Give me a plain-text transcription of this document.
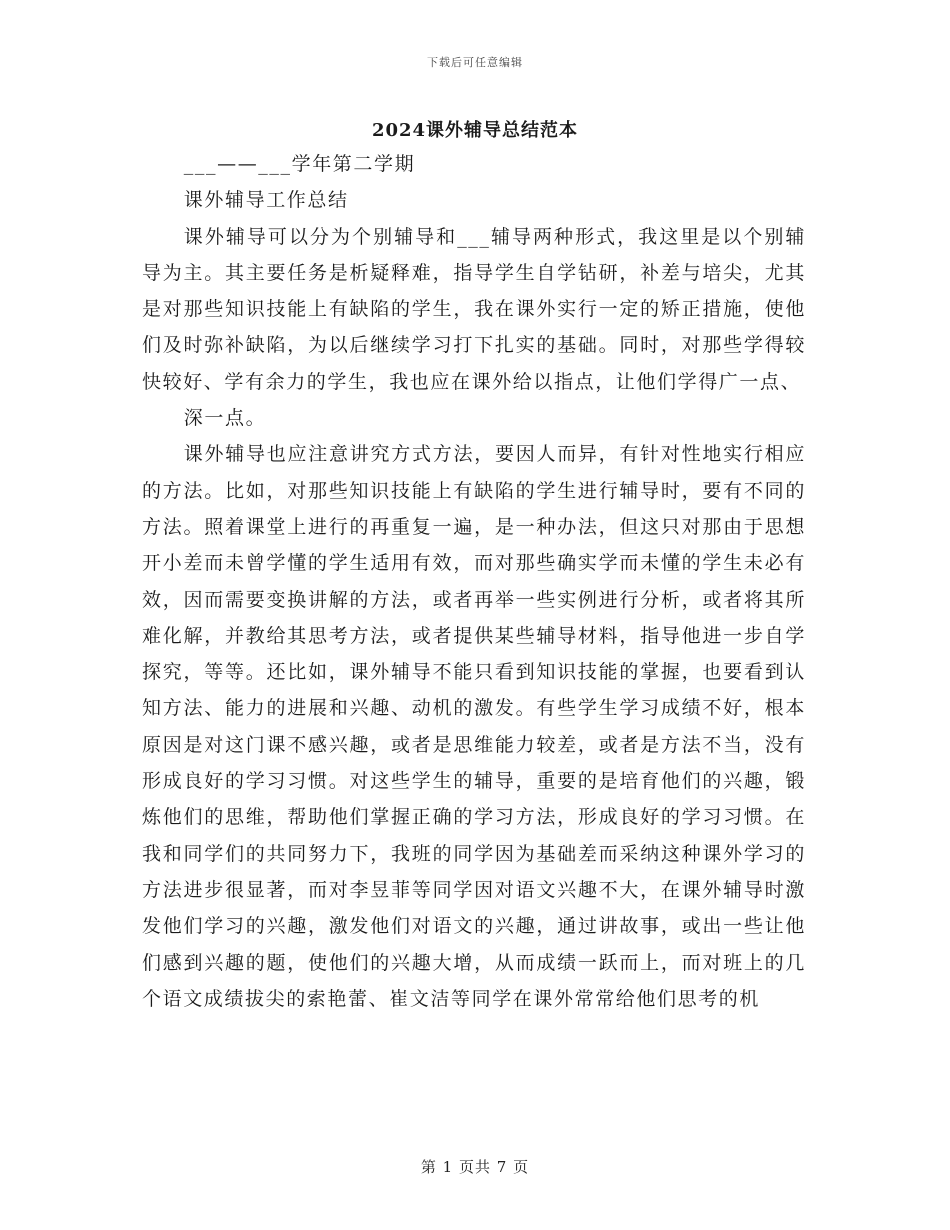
下载后可任意编辑
2024课外辅导总结范本

___——___学年第二学期

课外辅导工作总结

课外辅导可以分为个别辅导和___辅导两种形式，我这里是以个别辅导为主。其主要任务是析疑释难，指导学生自学钻研，补差与培尖，尤其是对那些知识技能上有缺陷的学生，我在课外实行一定的矫正措施，使他们及时弥补缺陷，为以后继续学习打下扎实的基础。同时，对那些学得较快较好、学有余力的学生，我也应在课外给以指点，让他们学得广一点、

深一点。

课外辅导也应注意讲究方式方法，要因人而异，有针对性地实行相应的方法。比如，对那些知识技能上有缺陷的学生进行辅导时，要有不同的方法。照着课堂上进行的再重复一遍，是一种办法，但这只对那由于思想开小差而未曾学懂的学生适用有效，而对那些确实学而未懂的学生未必有效，因而需要变换讲解的方法，或者再举一些实例进行分析，或者将其所难化解，并教给其思考方法，或者提供某些辅导材料，指导他进一步自学探究，等等。还比如，课外辅导不能只看到知识技能的掌握，也要看到认知方法、能力的进展和兴趣、动机的激发。有些学生学习成绩不好，根本原因是对这门课不感兴趣，或者是思维能力较差，或者是方法不当，没有形成良好的学习习惯。对这些学生的辅导，重要的是培育他们的兴趣，锻炼他们的思维，帮助他们掌握正确的学习方法，形成良好的学习习惯。在我和同学们的共同努力下，我班的同学因为基础差而采纳这种课外学习的方法进步很显著，而对李昱菲等同学因对语文兴趣不大，在课外辅导时激发他们学习的兴趣，激发他们对语文的兴趣，通过讲故事，或出一些让他们感到兴趣的题，使他们的兴趣大增，从而成绩一跃而上，而对班上的几个语文成绩拔尖的索艳蕾、崔文洁等同学在课外常常给他们思考的机

第 1 页共 7 页
